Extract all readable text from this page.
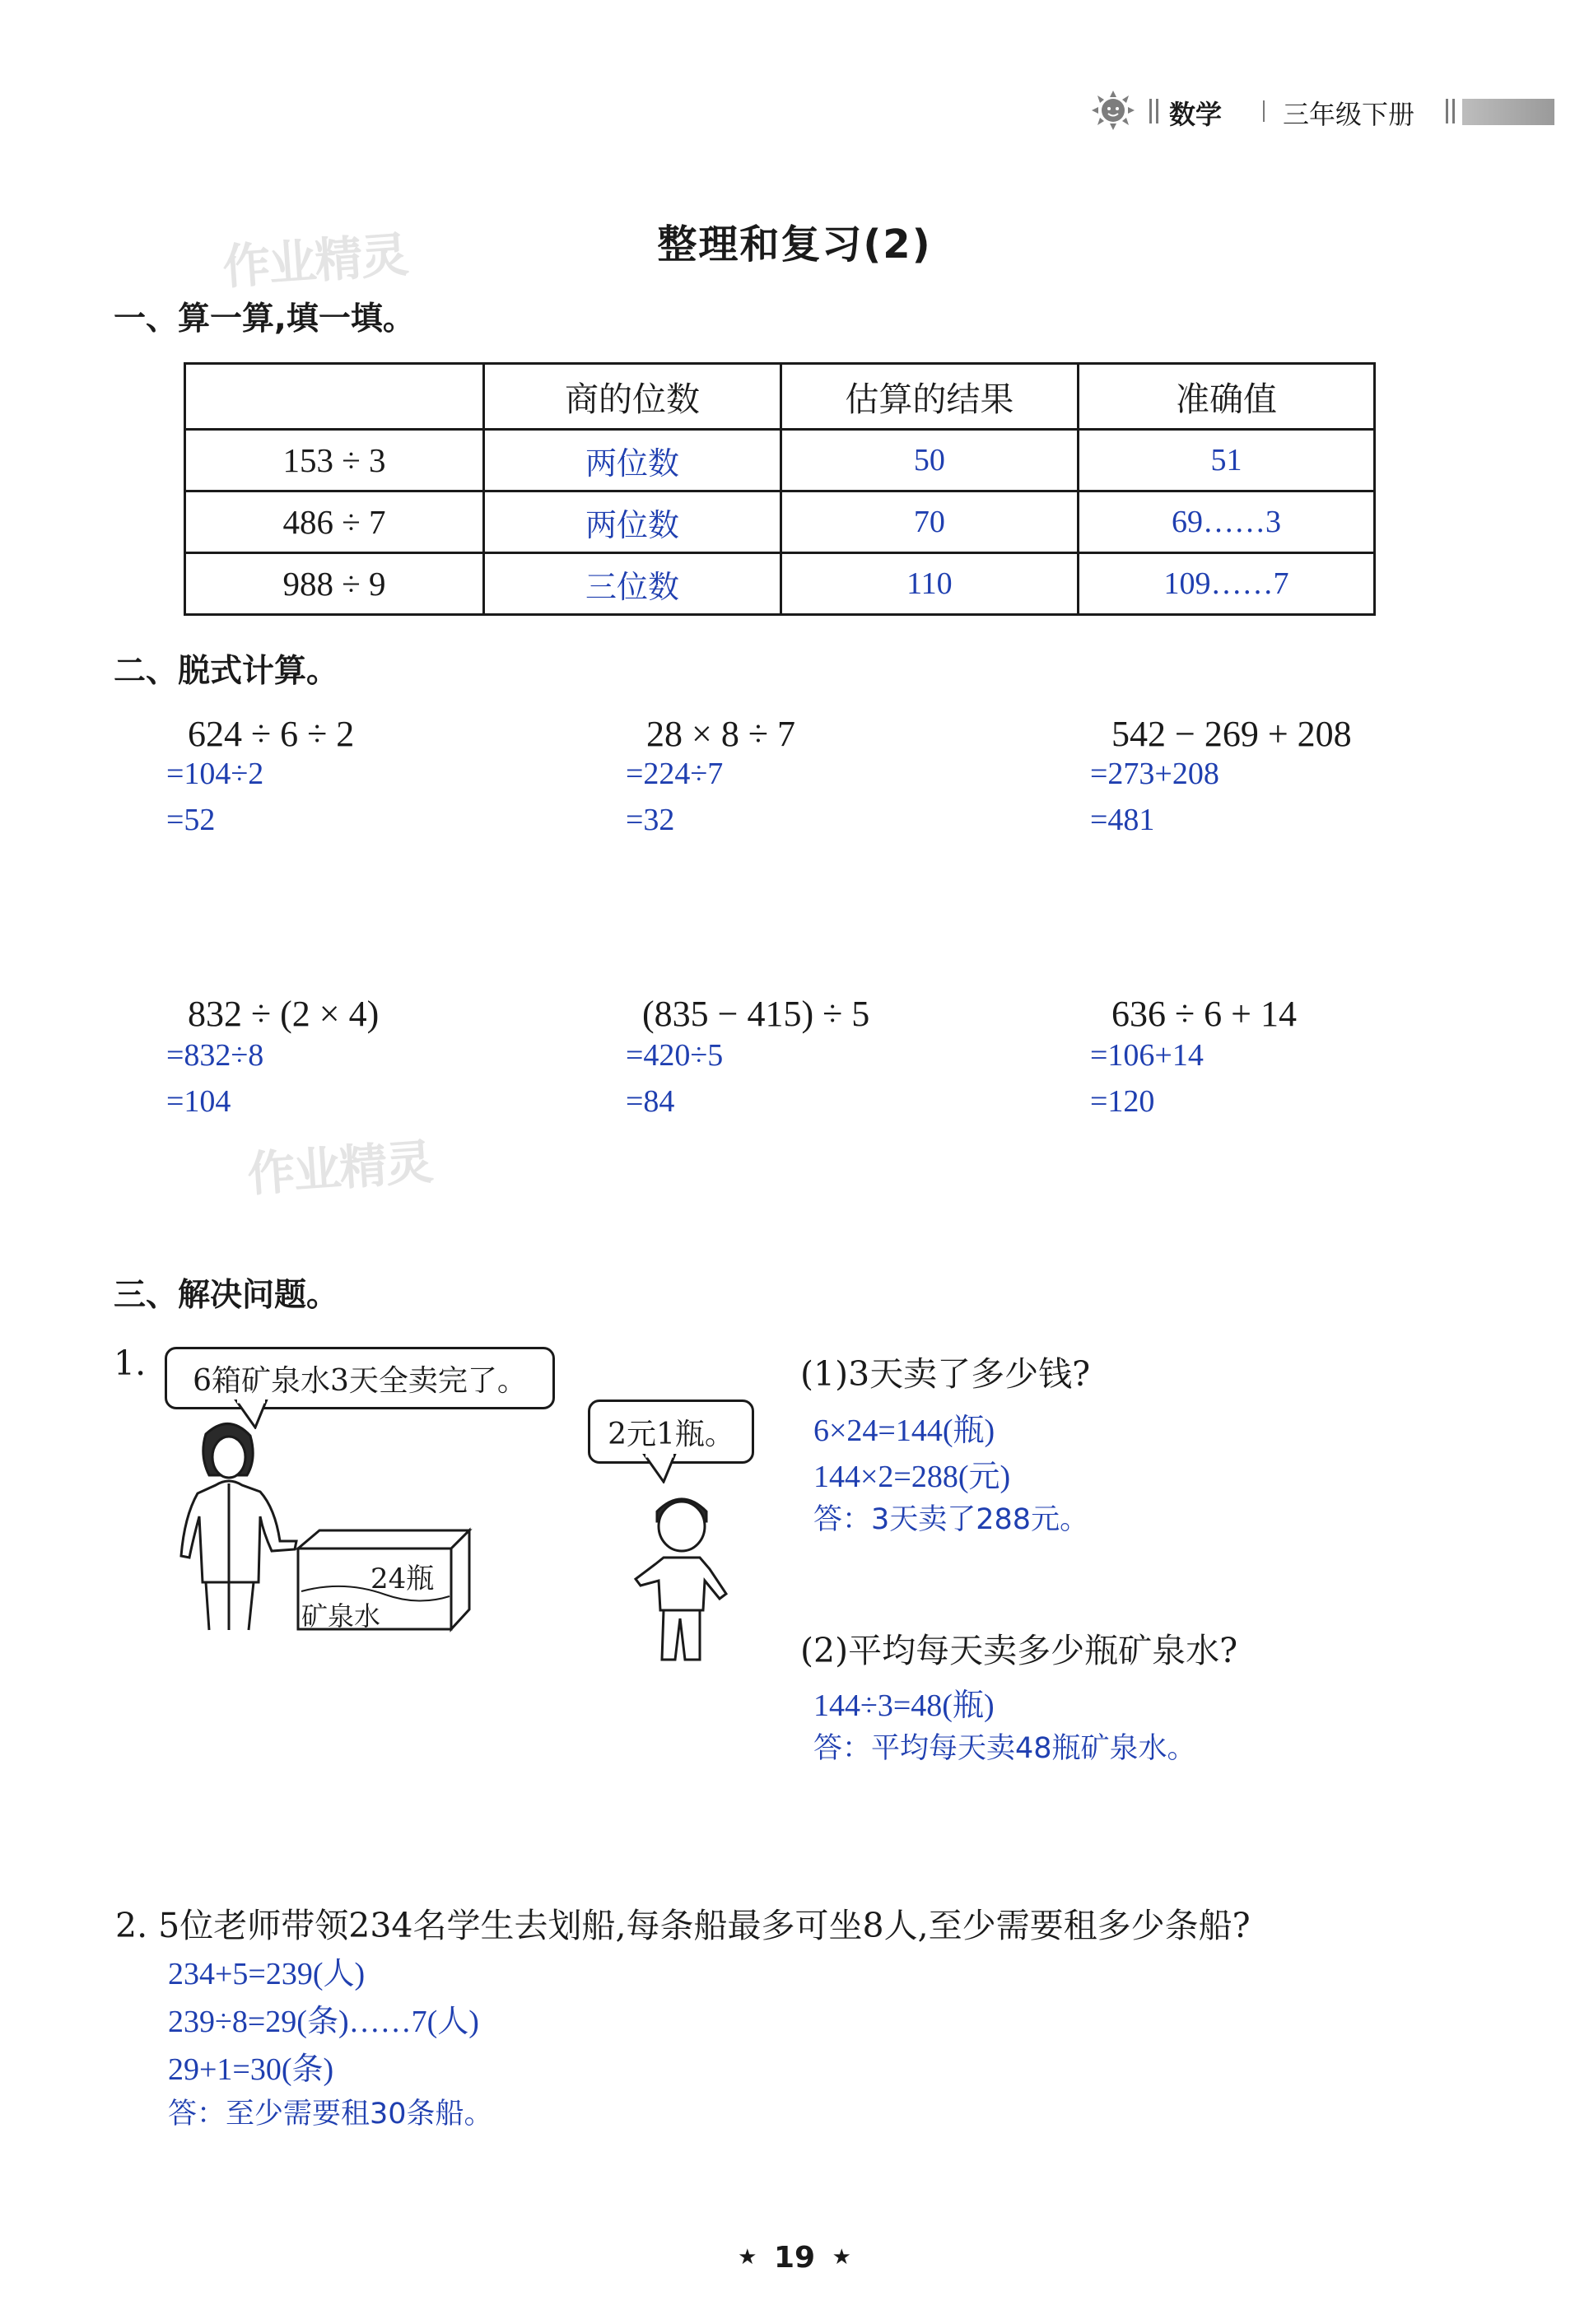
数学 三年级下册
作业精灵
作业精灵
整理和复习(2)
一、算一算,填一填。
	商的位数	估算的结果	准确值
153 ÷ 3	两位数	50	51
486 ÷ 7	两位数	70	69……3
988 ÷ 9	三位数	110	109……7
二、脱式计算。
624 ÷ 6 ÷ 2
=104÷2
=52
28 × 8 ÷ 7
=224÷7
=32
542 − 269 + 208
=273+208
=481
832 ÷ (2 × 4)
=832÷8
=104
(835 − 415) ÷ 5
=420÷5
=84
636 ÷ 6 + 14
=106+14
=120
三、解决问题。
1. 6箱矿泉水3天全卖完了。
24瓶
矿泉水
2元1瓶。
(1)3天卖了多少钱?
6×24=144(瓶)
144×2=288(元)
答：3天卖了288元。
(2)平均每天卖多少瓶矿泉水?
144÷3=48(瓶)
答：平均每天卖48瓶矿泉水。
2. 5位老师带领234名学生去划船,每条船最多可坐8人,至少需要租多少条船?
234+5=239(人)
239÷8=29(条)……7(人)
29+1=30(条)
答：至少需要租30条船。
★ 19 ★
